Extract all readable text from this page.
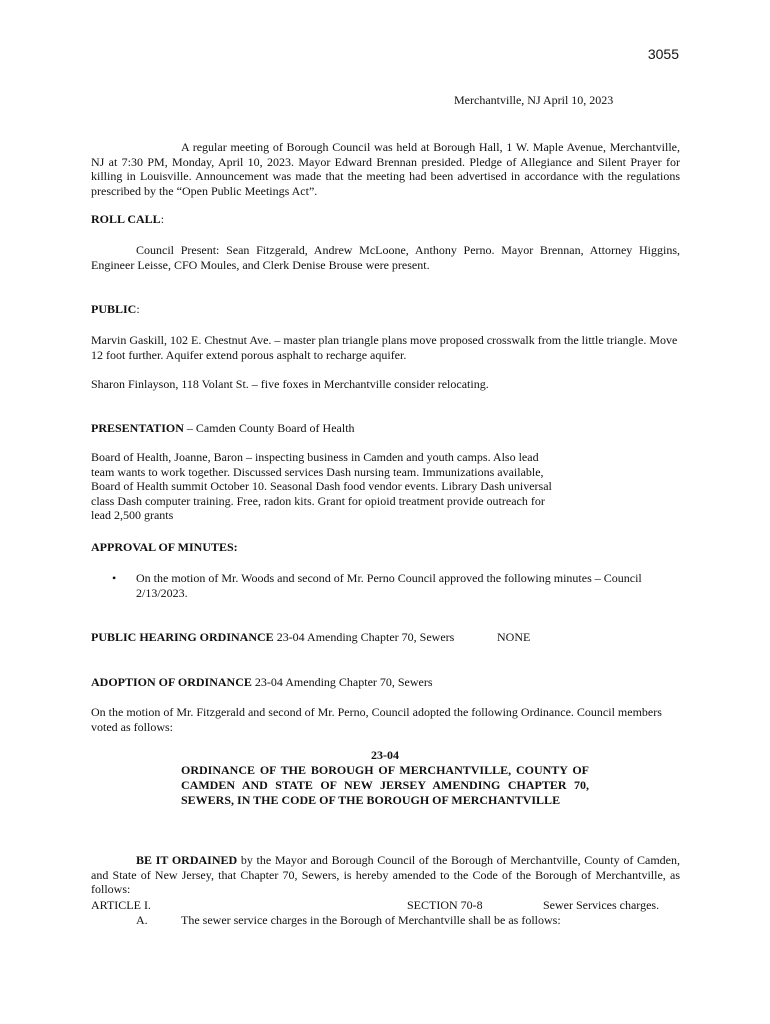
3055
Merchantville, NJ April 10, 2023
A regular meeting of Borough Council was held at Borough Hall, 1 W. Maple Avenue, Merchantville, NJ at 7:30 PM, Monday, April 10, 2023. Mayor Edward Brennan presided. Pledge of Allegiance and Silent Prayer for killing in Louisville. Announcement was made that the meeting had been advertised in accordance with the regulations prescribed by the “Open Public Meetings Act”.
ROLL CALL:
Council Present: Sean Fitzgerald, Andrew McLoone, Anthony Perno. Mayor Brennan, Attorney Higgins, Engineer Leisse, CFO Moules, and Clerk Denise Brouse were present.
PUBLIC:
Marvin Gaskill, 102 E. Chestnut Ave. – master plan triangle plans move proposed crosswalk from the little triangle. Move 12 foot further. Aquifer extend porous asphalt to recharge aquifer.
Sharon Finlayson, 118 Volant St. – five foxes in Merchantville consider relocating.
PRESENTATION – Camden County Board of Health
Board of Health, Joanne, Baron – inspecting business in Camden and youth camps. Also lead
team wants to work together. Discussed services Dash nursing team. Immunizations available,
Board of Health summit October 10. Seasonal Dash food vendor events. Library Dash universal
class Dash computer training. Free, radon kits. Grant for opioid treatment provide outreach for
lead 2,500 grants
APPROVAL OF MINUTES:
• On the motion of Mr. Woods and second of Mr. Perno Council approved the following minutes – Council 2/13/2023.
PUBLIC HEARING ORDINANCE 23-04 Amending Chapter 70, Sewers	NONE
ADOPTION OF ORDINANCE 23-04 Amending Chapter 70, Sewers
On the motion of Mr. Fitzgerald and second of Mr. Perno, Council adopted the following Ordinance. Council members voted as follows:
23-04
ORDINANCE OF THE BOROUGH OF MERCHANTVILLE, COUNTY OF CAMDEN AND STATE OF NEW JERSEY AMENDING CHAPTER 70, SEWERS, IN THE CODE OF THE BOROUGH OF MERCHANTVILLE
BE IT ORDAINED by the Mayor and Borough Council of the Borough of Merchantville, County of Camden, and State of New Jersey, that Chapter 70, Sewers, is hereby amended to the Code of the Borough of Merchantville, as follows:
ARTICLE I.	SECTION 70-8	Sewer Services charges.
A.	The sewer service charges in the Borough of Merchantville shall be as follows:
